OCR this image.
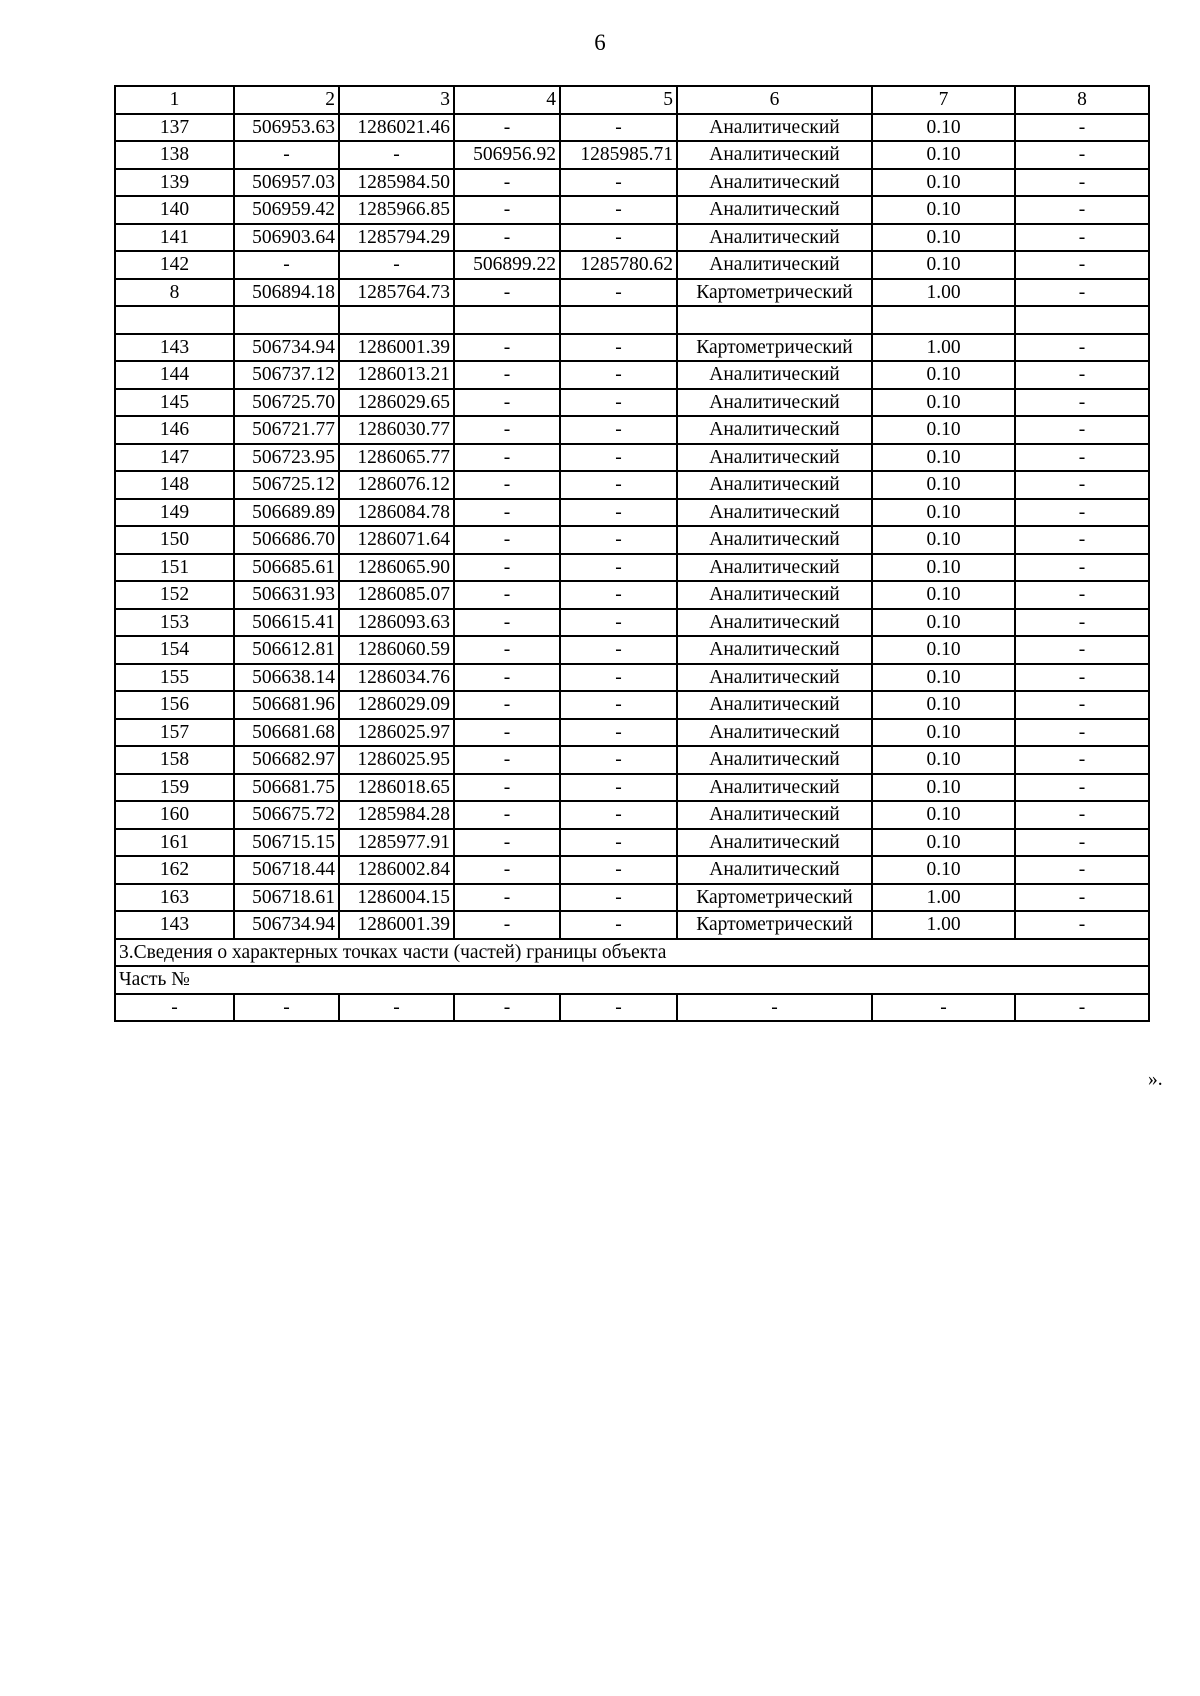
6
1	2	3	4	5	6	7	8
137	506953.63	1286021.46	-	-	Аналитический	0.10	-
138	-	-	506956.92	1285985.71	Аналитический	0.10	-
139	506957.03	1285984.50	-	-	Аналитический	0.10	-
140	506959.42	1285966.85	-	-	Аналитический	0.10	-
141	506903.64	1285794.29	-	-	Аналитический	0.10	-
142	-	-	506899.22	1285780.62	Аналитический	0.10	-
8	506894.18	1285764.73	-	-	Картометрический	1.00	-

143	506734.94	1286001.39	-	-	Картометрический	1.00	-
144	506737.12	1286013.21	-	-	Аналитический	0.10	-
145	506725.70	1286029.65	-	-	Аналитический	0.10	-
146	506721.77	1286030.77	-	-	Аналитический	0.10	-
147	506723.95	1286065.77	-	-	Аналитический	0.10	-
148	506725.12	1286076.12	-	-	Аналитический	0.10	-
149	506689.89	1286084.78	-	-	Аналитический	0.10	-
150	506686.70	1286071.64	-	-	Аналитический	0.10	-
151	506685.61	1286065.90	-	-	Аналитический	0.10	-
152	506631.93	1286085.07	-	-	Аналитический	0.10	-
153	506615.41	1286093.63	-	-	Аналитический	0.10	-
154	506612.81	1286060.59	-	-	Аналитический	0.10	-
155	506638.14	1286034.76	-	-	Аналитический	0.10	-
156	506681.96	1286029.09	-	-	Аналитический	0.10	-
157	506681.68	1286025.97	-	-	Аналитический	0.10	-
158	506682.97	1286025.95	-	-	Аналитический	0.10	-
159	506681.75	1286018.65	-	-	Аналитический	0.10	-
160	506675.72	1285984.28	-	-	Аналитический	0.10	-
161	506715.15	1285977.91	-	-	Аналитический	0.10	-
162	506718.44	1286002.84	-	-	Аналитический	0.10	-
163	506718.61	1286004.15	-	-	Картометрический	1.00	-
143	506734.94	1286001.39	-	-	Картометрический	1.00	-
3.Сведения о характерных точках части (частей) границы объекта							
Часть №							
-	-	-	-	-	-	-	-
».
